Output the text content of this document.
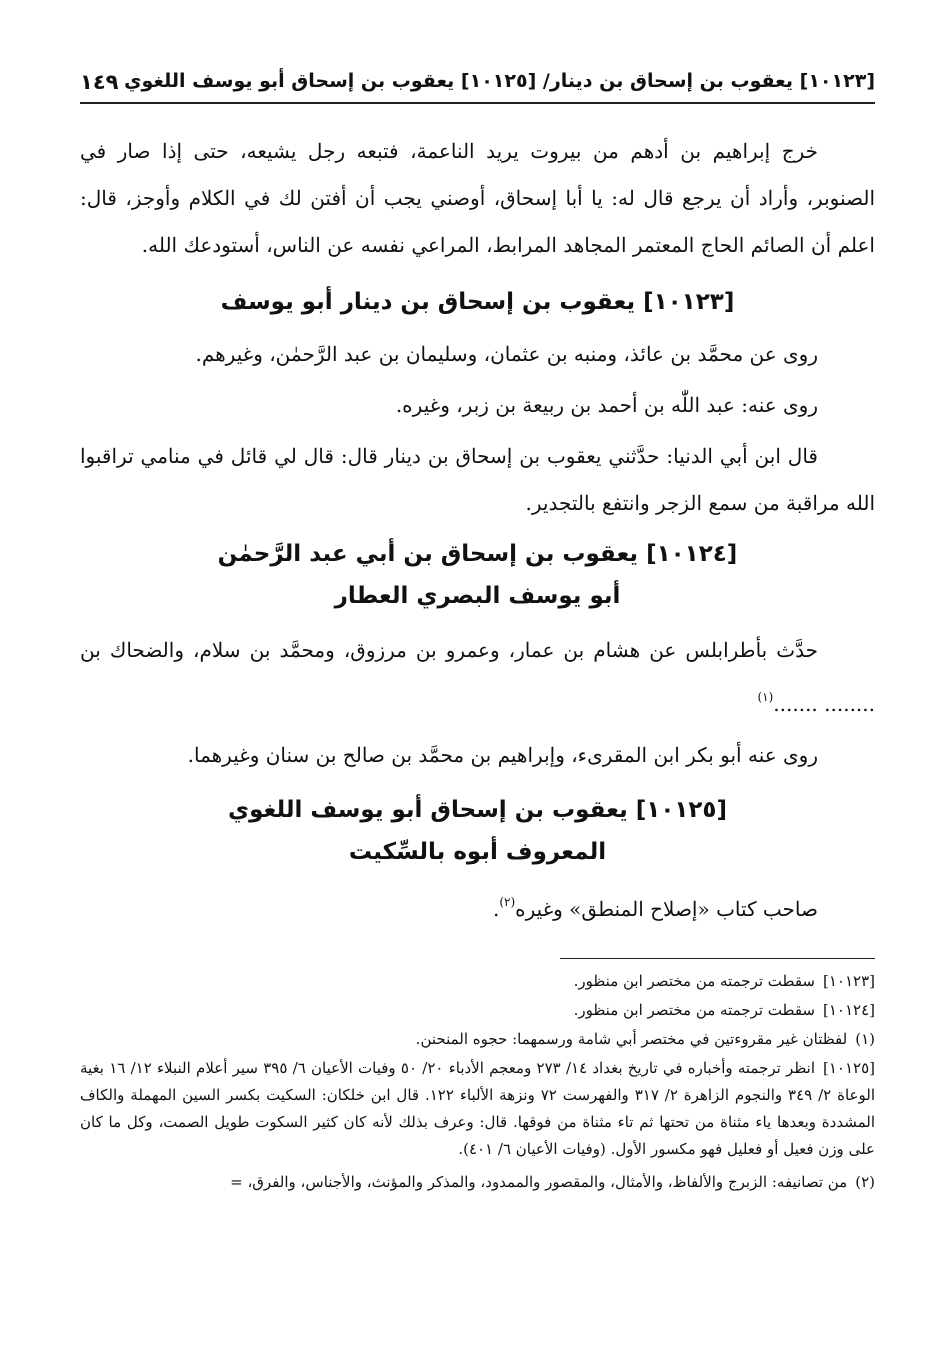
[١٠١٢٣] يعقوب بن إسحاق بن دينار/ [١٠١٢٥] يعقوب بن إسحاق أبو يوسف اللغوي
١٤٩

خرج إبراهيم بن أدهم من بيروت يريد الناعمة، فتبعه رجل يشيعه، حتى إذا صار في الصنوبر، وأراد أن يرجع قال له: يا أبا إسحاق، أوصني يجب أن أفتن لك في الكلام وأوجز، قال: اعلم أن الصائم الحاج المعتمر المجاهد المرابط، المراعي نفسه عن الناس، أستودعك الله.

[١٠١٢٣] يعقوب بن إسحاق بن دينار أبو يوسف

روى عن محمَّد بن عائذ، ومنبه بن عثمان، وسليمان بن عبد الرَّحمٰن، وغيرهم.

روى عنه: عبد اللّٰه بن أحمد بن ربيعة بن زبر، وغيره.

قال ابن أبي الدنيا: حدَّثني يعقوب بن إسحاق بن دينار قال: قال لي قائل في منامي تراقبوا الله مراقبة من سمع الزجر وانتفع بالتجدير.

[١٠١٢٤] يعقوب بن إسحاق بن أبي عبد الرَّحمٰن
أبو يوسف البصري العطار

حدَّث بأطرابلس عن هشام بن عمار، وعمرو بن مرزوق، ومحمَّد بن سلام، والضحاك بن ........ .......$^{(١)}$

روى عنه أبو بكر ابن المقرىء، وإبراهيم بن محمَّد بن صالح بن سنان وغيرهما.

[١٠١٢٥] يعقوب بن إسحاق أبو يوسف اللغوي
المعروف أبوه بالسِّكيت

صاحب كتاب «إصلاح المنطق» وغيره$^{(٢)}$.

[١٠١٢٣]سقطت ترجمته من مختصر ابن منظور.

[١٠١٢٤]سقطت ترجمته من مختصر ابن منظور.

(١)لفظتان غير مقروءتين في مختصر أبي شامة ورسمهما: حجوه المنحنن.

[١٠١٢٥]انظر ترجمته وأخباره في تاريخ بغداد ١٤/ ٢٧٣ ومعجم الأدباء ٢٠/ ٥٠ وفيات الأعيان ٦/ ٣٩٥ سير أعلام النبلاء ١٢/ ١٦ بغية الوعاة ٢/ ٣٤٩ والنجوم الزاهرة ٢/ ٣١٧ والفهرست ٧٢ ونزهة الألباء ١٢٢. قال ابن خلكان: السكيت بكسر السين المهملة والكاف المشددة وبعدها ياء مثناة من تحتها ثم تاء مثناة من فوقها. قال: وعرف بذلك لأنه كان كثير السكوت طويل الصمت، وكل ما كان على وزن فعيل أو فعليل فهو مكسور الأول. (وفيات الأعيان ٦/ ٤٠١).

(٢)من تصانيفه: الزبرج والألفاظ، والأمثال، والمقصور والممدود، والمذكر والمؤنث، والأجناس، والفرق، =
